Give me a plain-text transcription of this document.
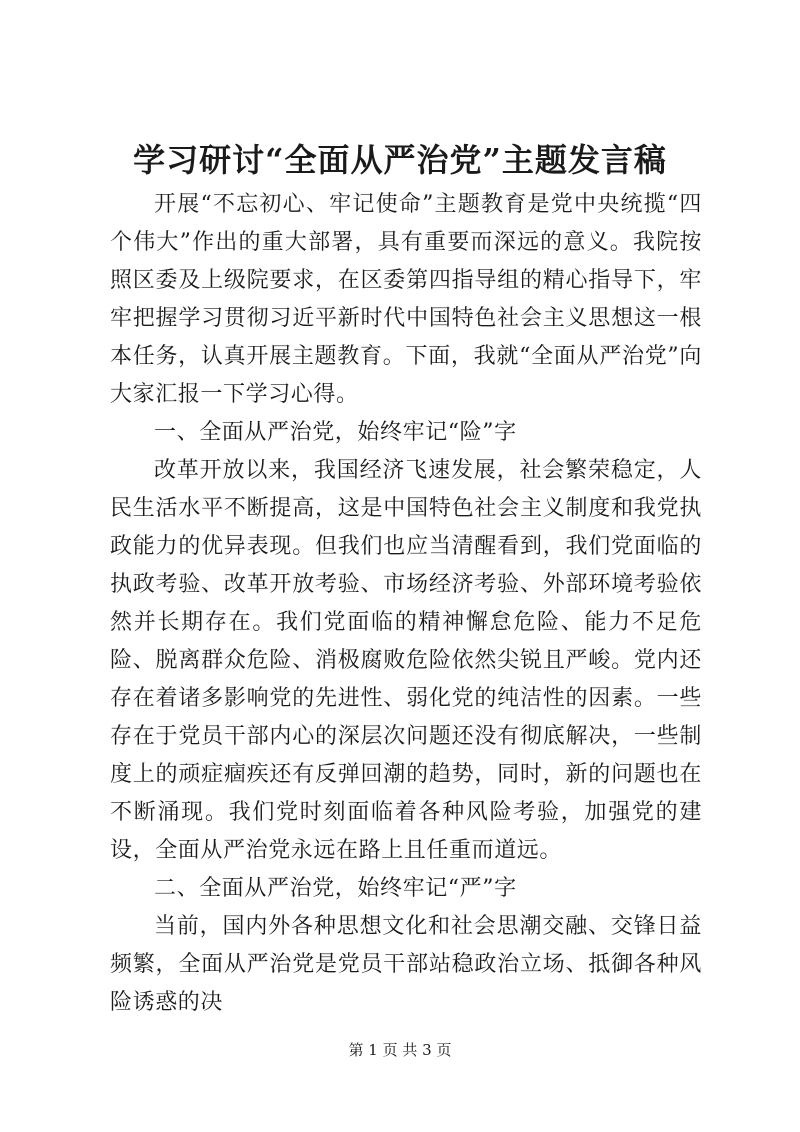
学习研讨“全面从严治党”主题发言稿

开展“不忘初心、牢记使命”主题教育是党中央统揽“四个伟大”作出的重大部署，具有重要而深远的意义。我院按照区委及上级院要求，在区委第四指导组的精心指导下，牢牢把握学习贯彻习近平新时代中国特色社会主义思想这一根本任务，认真开展主题教育。下面，我就“全面从严治党”向大家汇报一下学习心得。

一、全面从严治党，始终牢记“险”字

改革开放以来，我国经济飞速发展，社会繁荣稳定，人民生活水平不断提高，这是中国特色社会主义制度和我党执政能力的优异表现。但我们也应当清醒看到，我们党面临的执政考验、改革开放考验、市场经济考验、外部环境考验依然并长期存在。我们党面临的精神懈怠危险、能力不足危险、脱离群众危险、消极腐败危险依然尖锐且严峻。党内还存在着诸多影响党的先进性、弱化党的纯洁性的因素。一些存在于党员干部内心的深层次问题还没有彻底解决，一些制度上的顽症痼疾还有反弹回潮的趋势，同时，新的问题也在不断涌现。我们党时刻面临着各种风险考验，加强党的建设，全面从严治党永远在路上且任重而道远。

二、全面从严治党，始终牢记“严”字

当前，国内外各种思想文化和社会思潮交融、交锋日益频繁，全面从严治党是党员干部站稳政治立场、抵御各种风险诱惑的决

第 1 页 共 3 页
